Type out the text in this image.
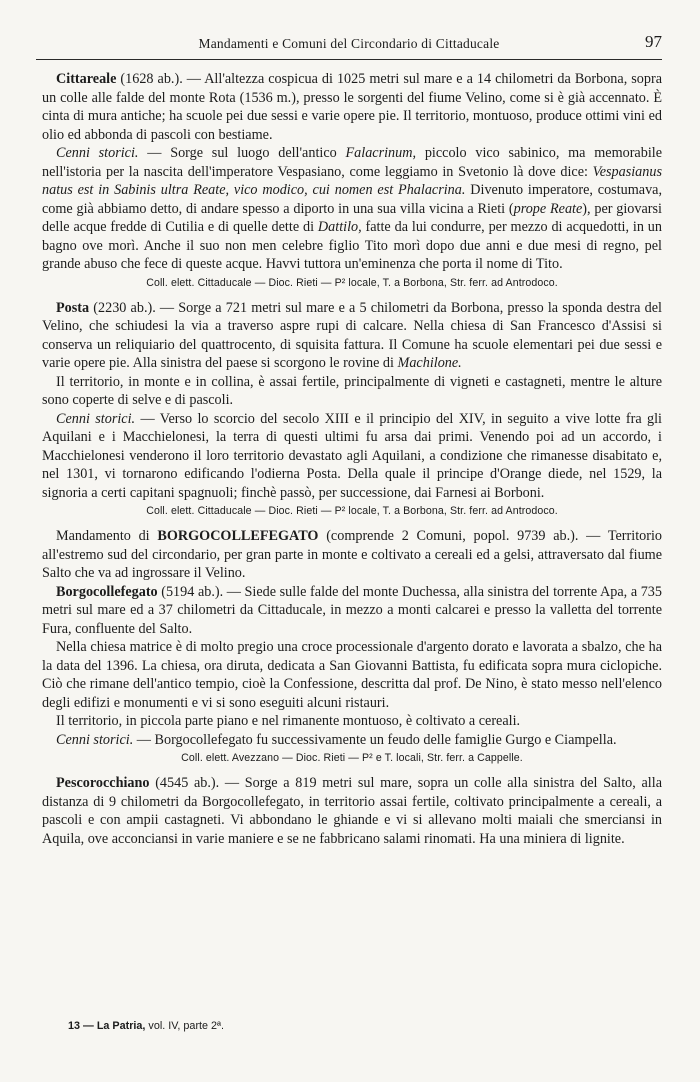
Mandamenti e Comuni del Circondario di Cittaducale	97

Cittareale (1628 ab.). — All'altezza cospicua di 1025 metri sul mare e a 14 chilometri da Borbona, sopra un colle alle falde del monte Rota (1536 m.), presso le sorgenti del fiume Velino, come si è già accennato. È cinta di mura antiche; ha scuole pei due sessi e varie opere pie. Il territorio, montuoso, produce ottimi vini ed olio ed abbonda di pascoli con bestiame.

Cenni storici. — Sorge sul luogo dell'antico Falacrinum, piccolo vico sabinico, ma memorabile nell'istoria per la nascita dell'imperatore Vespasiano, come leggiamo in Svetonio là dove dice: Vespasianus natus est in Sabinis ultra Reate, vico modico, cui nomen est Phalacrina. Divenuto imperatore, costumava, come già abbiamo detto, di andare spesso a diporto in una sua villa vicina a Rieti (prope Reate), per giovarsi delle acque fredde di Cutilia e di quelle dette di Dattilo, fatte da lui condurre, per mezzo di acquedotti, in un bagno ove morì. Anche il suo non men celebre figlio Tito morì dopo due anni e due mesi di regno, pel grande abuso che fece di queste acque. Havvi tuttora un'eminenza che porta il nome di Tito.

Coll. elett. Cittaducale — Dioc. Rieti — P² locale, T. a Borbona, Str. ferr. ad Antrodoco.

Posta (2230 ab.). — Sorge a 721 metri sul mare e a 5 chilometri da Borbona, presso la sponda destra del Velino, che schiudesi la via a traverso aspre rupi di calcare. Nella chiesa di San Francesco d'Assisi si conserva un reliquiario del quattrocento, di squisita fattura. Il Comune ha scuole elementari pei due sessi e varie opere pie. Alla sinistra del paese si scorgono le rovine di Machilone.

Il territorio, in monte e in collina, è assai fertile, principalmente di vigneti e castagneti, mentre le alture sono coperte di selve e di pascoli.

Cenni storici. — Verso lo scorcio del secolo XIII e il principio del XIV, in seguito a vive lotte fra gli Aquilani e i Macchielonesi, la terra di questi ultimi fu arsa dai primi. Venendo poi ad un accordo, i Macchielonesi venderono il loro territorio devastato agli Aquilani, a condizione che rimanesse disabitato e, nel 1301, vi tornarono edificando l'odierna Posta. Della quale il principe d'Orange diede, nel 1529, la signoria a certi capitani spagnuoli; finchè passò, per successione, dai Farnesi ai Borboni.

Coll. elett. Cittaducale — Dioc. Rieti — P² locale, T. a Borbona, Str. ferr. ad Antrodoco.

Mandamento di BORGOCOLLEFEGATO (comprende 2 Comuni, popol. 9739 ab.). — Territorio all'estremo sud del circondario, per gran parte in monte e coltivato a cereali ed a gelsi, attraversato dal fiume Salto che va ad ingrossare il Velino.

Borgocollefegato (5194 ab.). — Siede sulle falde del monte Duchessa, alla sinistra del torrente Apa, a 735 metri sul mare ed a 37 chilometri da Cittaducale, in mezzo a monti calcarei e presso la valletta del torrente Fura, confluente del Salto.

Nella chiesa matrice è di molto pregio una croce processionale d'argento dorato e lavorata a sbalzo, che ha la data del 1396. La chiesa, ora diruta, dedicata a San Giovanni Battista, fu edificata sopra mura ciclopiche. Ciò che rimane dell'antico tempio, cioè la Confessione, descritta dal prof. De Nino, è stato messo nell'elenco degli edifizi e monumenti e vi si sono eseguiti alcuni ristauri.

Il territorio, in piccola parte piano e nel rimanente montuoso, è coltivato a cereali.

Cenni storici. — Borgocollefegato fu successivamente un feudo delle famiglie Gurgo e Ciampella.

Coll. elett. Avezzano — Dioc. Rieti — P² e T. locali, Str. ferr. a Cappelle.

Pescorocchiano (4545 ab.). — Sorge a 819 metri sul mare, sopra un colle alla sinistra del Salto, alla distanza di 9 chilometri da Borgocollefegato, in territorio assai fertile, coltivato principalmente a cereali, a pascoli e con ampii castagneti. Vi abbondano le ghiande e vi si allevano molti maiali che smerciansi in Aquila, ove acconciansi in varie maniere e se ne fabbricano salami rinomati. Ha una miniera di lignite.

13 — La Patria, vol. IV, parte 2ª.
